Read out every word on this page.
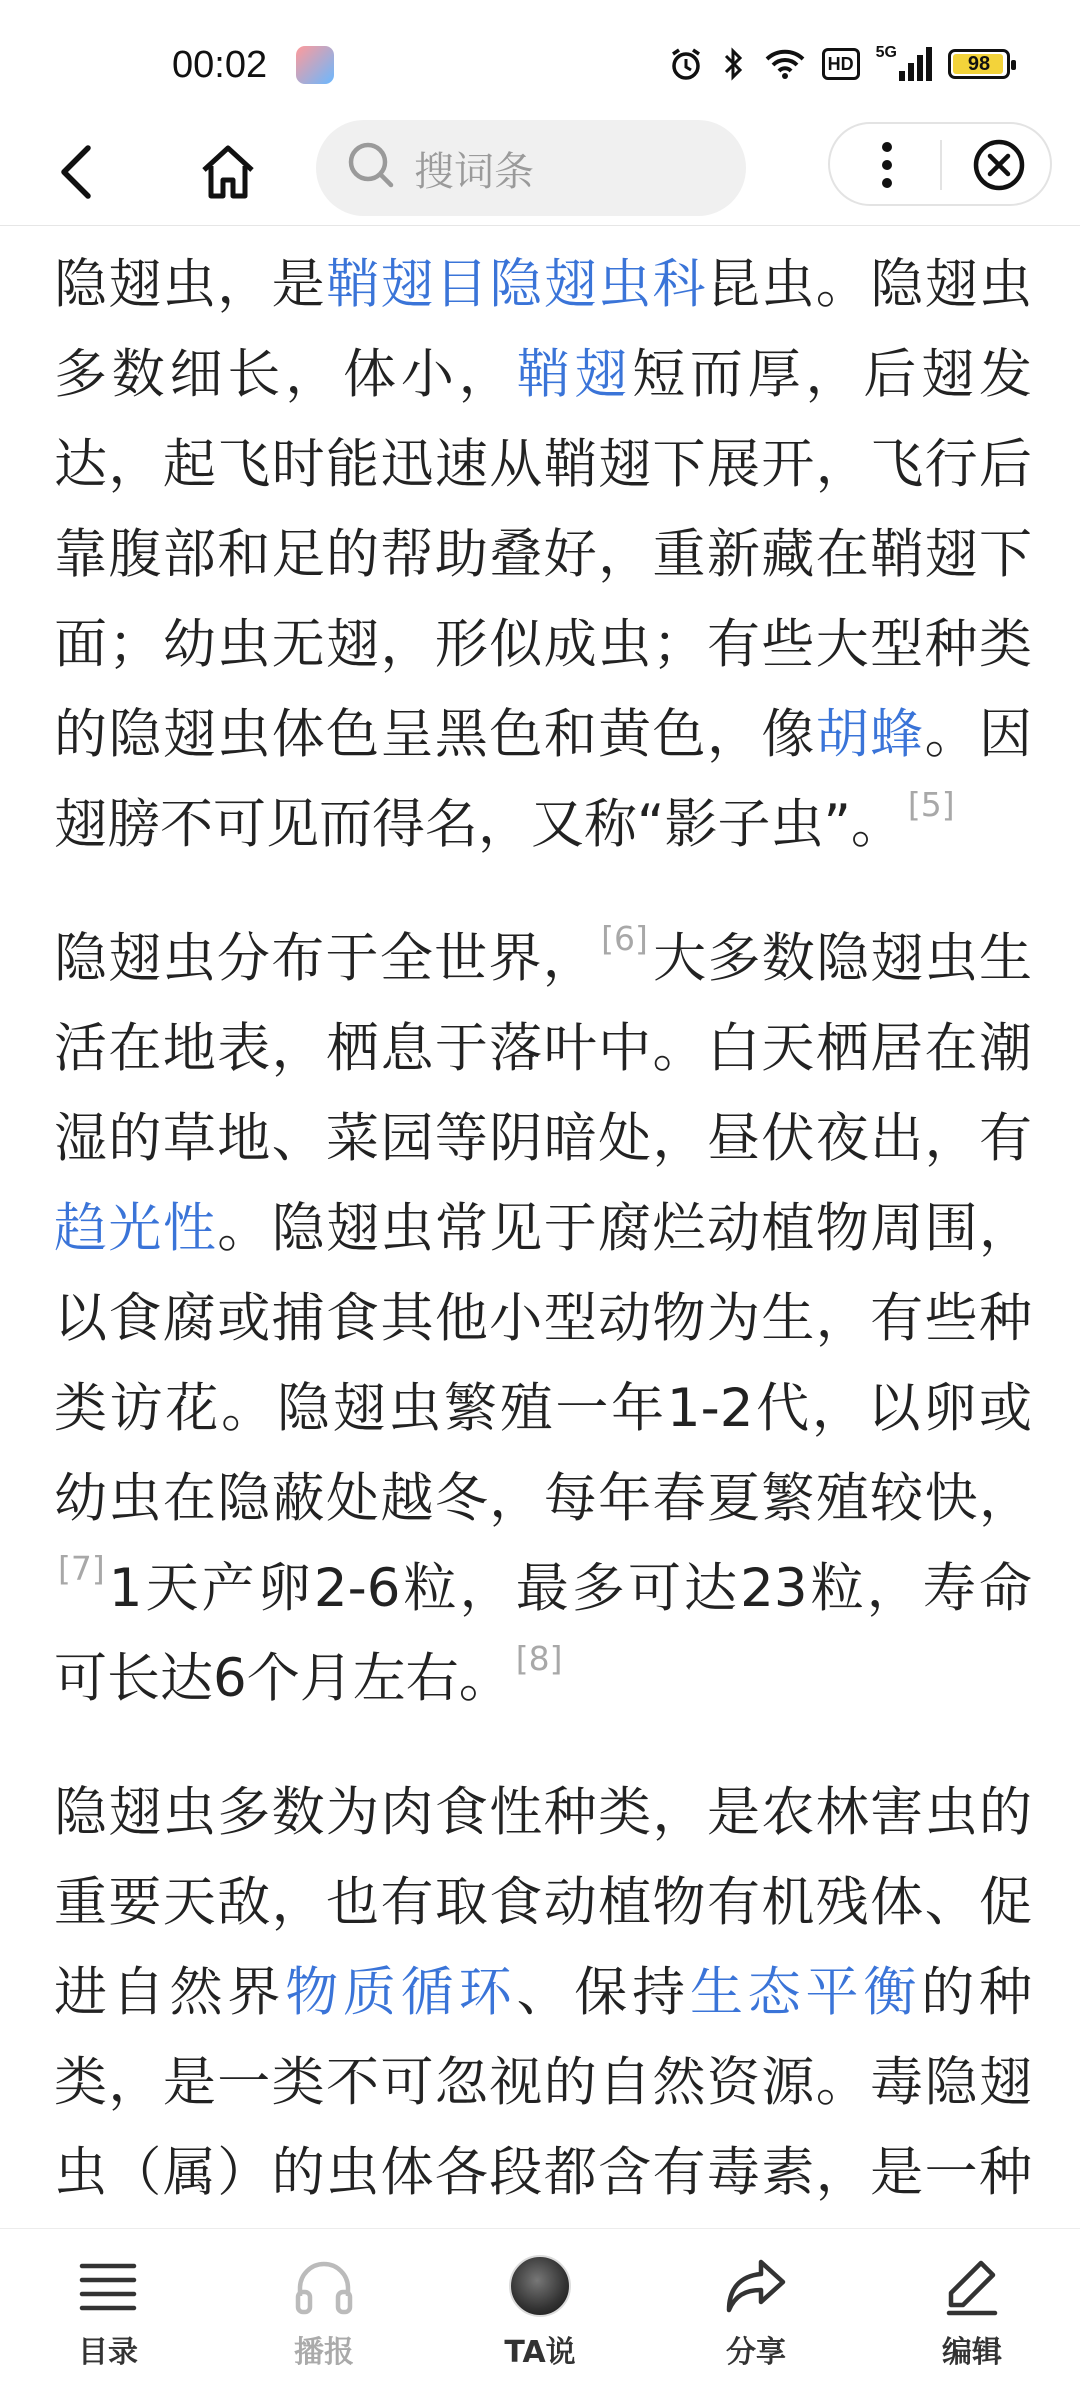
00:02	HD
5G	98
搜词条

隐翅虫，是鞘翅目隐翅虫科昆虫。隐翅虫多数细长，体小，鞘翅短而厚，后翅发达，起飞时能迅速从鞘翅下展开，飞行后靠腹部和足的帮助叠好，重新藏在鞘翅下面；幼虫无翅，形似成虫；有些大型种类的隐翅虫体色呈黑色和黄色，像胡蜂。因翅膀不可见而得名，又称“影子虫”。 [5]

隐翅虫分布于全世界， [6]大多数隐翅虫生活在地表，栖息于落叶中。白天栖居在潮湿的草地、菜园等阴暗处，昼伏夜出，有趋光性。隐翅虫常见于腐烂动植物周围，以食腐或捕食其他小型动物为生，有些种类访花。隐翅虫繁殖一年1-2代，以卵或幼虫在隐蔽处越冬，每年春夏繁殖较快，[7]1天产卵2-6粒，最多可达23粒，寿命可长达6个月左右。 [8]

隐翅虫多数为肉食性种类，是农林害虫的重要天敌，也有取食动植物有机残体、促进自然界物质循环、保持生态平衡的种类，是一类不可忽视的自然资源。毒隐翅虫（属）的虫体各段都含有毒素，是一种

目录	播报	TA说	分享	编辑
